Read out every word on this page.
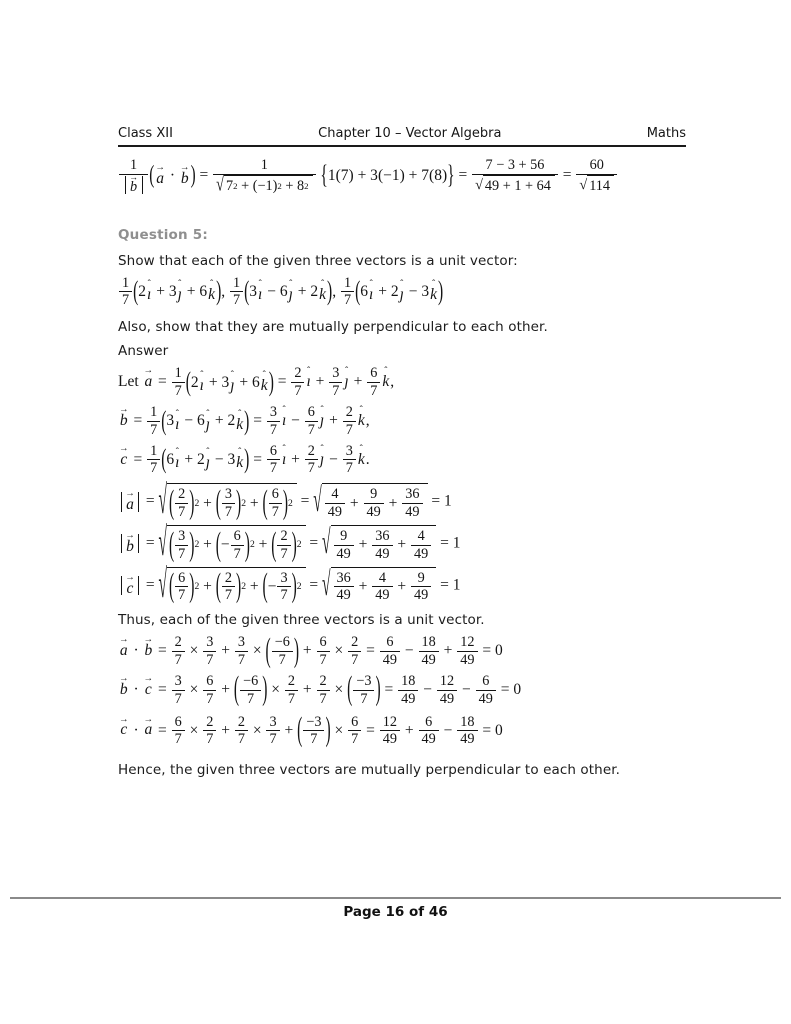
Class XII	Chapter 10 – Vector Algebra	Maths
1
→
b ( →
a · →
b ) = $\frac{1}{√ 7 2 + ( -1 ) 2 + 8 2}$
{ 1 ( 7 ) + 3 ( −1 ) + 7 ( 8 ) } = $\frac{7 - 3 + 56}{√ 49 + 1 + 64} = \frac{60}{√ 114}$
Question 5:
Show that each of the given three vectors is a unit vector:
$\frac{1}{7}$ ( 2 ˆ
ı + 3 ˆ
ȷ + 6 ˆ
k ) , $\frac{1}{7}$ ( 3 ˆ
ı − 6 ˆ
ȷ + 2 ˆ
k ) , $\frac{1}{7}$ ( 6 ˆ
ı + 2 ˆ
ȷ − 3 ˆ
k )
Also, show that they are mutually perpendicular to each other.
Answer
Let
→
$a = \frac{1}{7}$ ( 2 ˆ
ı + 3 ˆ
ȷ + 6 ˆ
k ) = $\frac{2}{7}$ ˆ
ı + $\frac{3}{7}$ ˆ
ȷ + $\frac{6}{7}$ ˆ
k ,
→
$b = \frac{1}{7}$ ( 3 ˆ
ı − 6 ˆ
ȷ + 2 ˆ
k ) = $\frac{3}{7}$ ˆ
ı − $\frac{6}{7}$ ˆ
ȷ + $\frac{2}{7}$ ˆ
k ,
→
$c = \frac{1}{7}$ ( 6 ˆ
ı + 2 ˆ
ȷ − 3 ˆ
k ) = $\frac{6}{7}$ ˆ
ı + $\frac{2}{7}$ ˆ
ȷ − $\frac{3}{7}$ ˆ
k .
→
a = √ ( 2
7 ) 2 + ( 3
7 ) 2 + ( 6
7 ) 2 = √ 4
49
+ $\frac{9}{49} + \frac{36}{49} = 1$
→
b = √ ( 3
7 ) 2 + ( − $\frac{6}{7}$ ) 2 + ( 2
7 ) 2 = √ 9
49
+ $\frac{36}{49} + \frac{4}{49} = 1$
→
c = √ ( 6
7 ) 2 + ( 2
7 ) 2 + ( − $\frac{3}{7}$ ) 2 = √ 36
49
+ $\frac{4}{49} + \frac{9}{49} = 1$
Thus, each of the given three vectors is a unit vector.
→
a ·
→
$b = \frac{2}{7} \times \frac{3}{7} + \frac{3}{7}$ × ( −6
7 ) + $\frac{6}{7} \times \frac{2}{7} = \frac{6}{49} - \frac{18}{49} + \frac{12}{49} = 0$
→
b ·
→
$c = \frac{3}{7} \times \frac{6}{7}$ + ( −6
7 ) × $\frac{2}{7} + \frac{2}{7}$ × ( −3
7 ) = $\frac{18}{49} - \frac{12}{49} - \frac{6}{49} = 0$
→
c ·
→
$a = \frac{6}{7} \times \frac{2}{7} + \frac{2}{7} \times \frac{3}{7}$ + ( −3
7 ) × $\frac{6}{7} = \frac{12}{49} + \frac{6}{49} - \frac{18}{49} = 0$
Hence, the given three vectors are mutually perpendicular to each other.
Page 16 of 46
